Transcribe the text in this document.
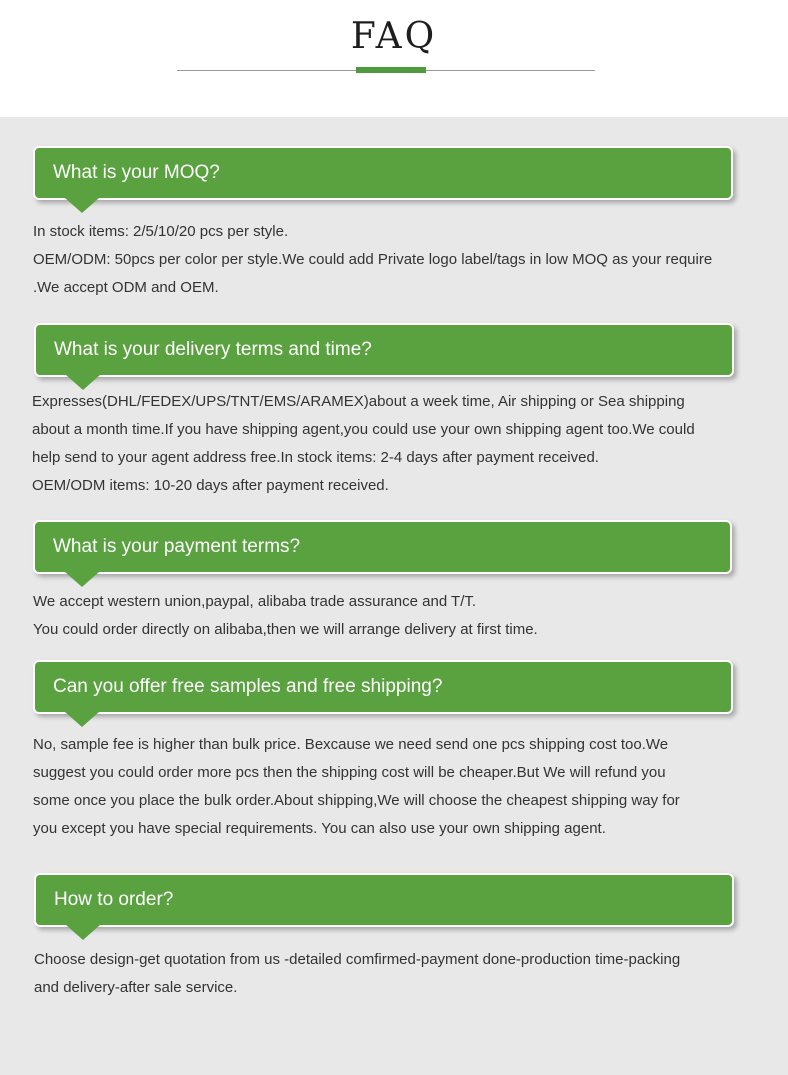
FAQ
What is your MOQ?

In stock items: 2/5/10/20 pcs per style.

OEM/ODM: 50pcs per color per style.We could add Private logo label/tags in low MOQ as your require

.We accept ODM and OEM.

What is your delivery terms and time?

Expresses(DHL/FEDEX/UPS/TNT/EMS/ARAMEX)about a week time, Air shipping or Sea shipping

about a month time.If you have shipping agent,you could use your own shipping agent too.We could

help send to your agent address free.In stock items: 2-4 days after payment received.

OEM/ODM items: 10-20 days after payment received.

What is your payment terms?

We accept western union,paypal, alibaba trade assurance and T/T.

You could order directly on alibaba,then we will arrange delivery at first time.

Can you offer free samples and free shipping?

No, sample fee is higher than bulk price. Bexcause we need send one pcs shipping cost too.We

suggest you could order more pcs then the shipping cost will be cheaper.But We will refund you

some once you place the bulk order.About shipping,We will choose the cheapest shipping way for

you except you have special requirements. You can also use your own shipping agent.

How to order?

Choose design-get quotation from us -detailed comfirmed-payment done-production time-packing

and delivery-after sale service.
